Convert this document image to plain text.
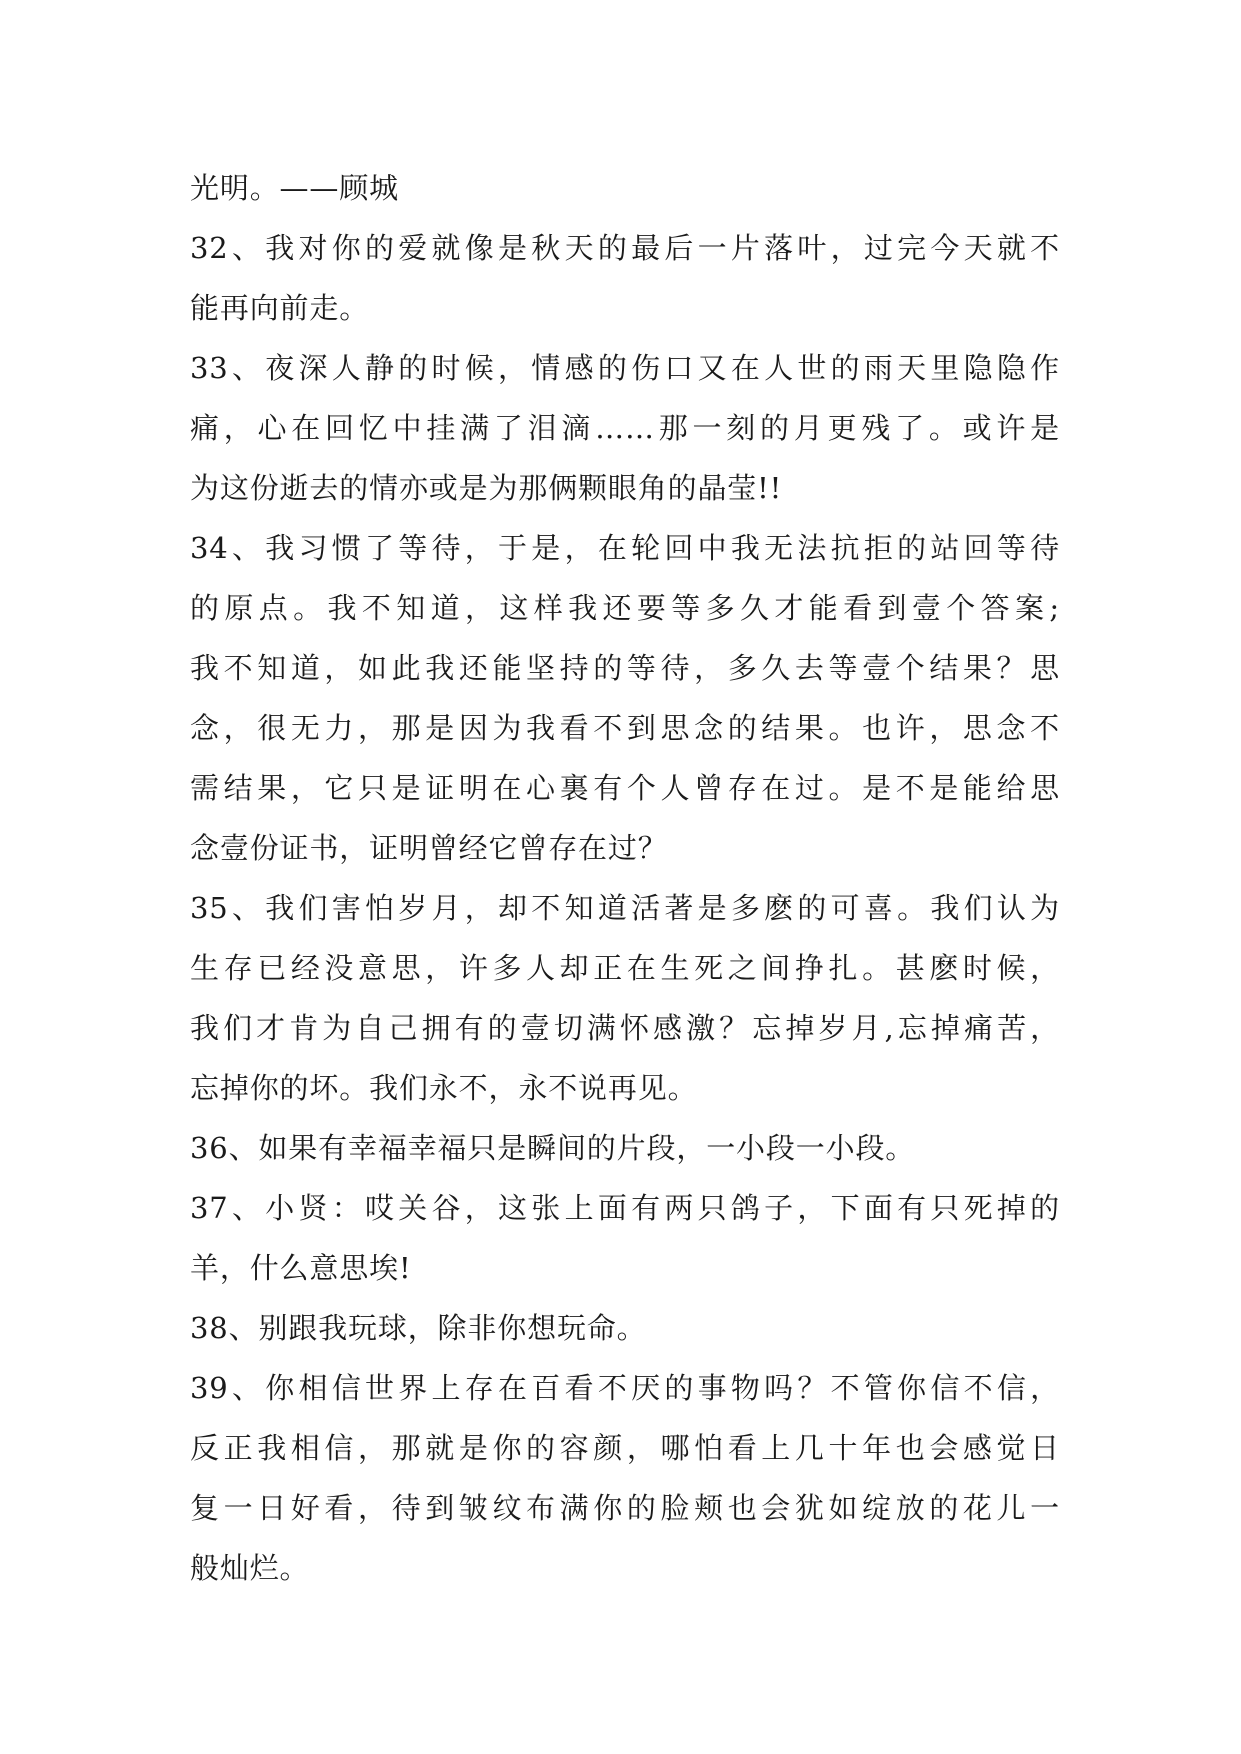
光明。——顾城
32、我对你的爱就像是秋天的最后一片落叶，过完今天就不
能再向前走。
33、夜深人静的时候，情感的伤口又在人世的雨天里隐隐作
痛，心在回忆中挂满了泪滴……那一刻的月更残了。或许是
为这份逝去的情亦或是为那俩颗眼角的晶莹!!
34、我习惯了等待，于是，在轮回中我无法抗拒的站回等待
的原点。我不知道，这样我还要等多久才能看到壹个答案;
我不知道，如此我还能坚持的等待，多久去等壹个结果？思
念，很无力，那是因为我看不到思念的结果。也许，思念不
需结果，它只是证明在心裏有个人曾存在过。是不是能给思
念壹份证书，证明曾经它曾存在过？
35、我们害怕岁月，却不知道活著是多麽的可喜。我们认为
生存已经没意思，许多人却正在生死之间挣扎。甚麽时候，
我们才肯为自己拥有的壹切满怀感激？忘掉岁月,忘掉痛苦，
忘掉你的坏。我们永不，永不说再见。
36、如果有幸福幸福只是瞬间的片段，一小段一小段。
37、小贤：哎关谷，这张上面有两只鸽子，下面有只死掉的
羊，什么意思埃!
38、别跟我玩球，除非你想玩命。
39、你相信世界上存在百看不厌的事物吗？不管你信不信，
反正我相信，那就是你的容颜，哪怕看上几十年也会感觉日
复一日好看，待到皱纹布满你的脸颊也会犹如绽放的花儿一
般灿烂。
